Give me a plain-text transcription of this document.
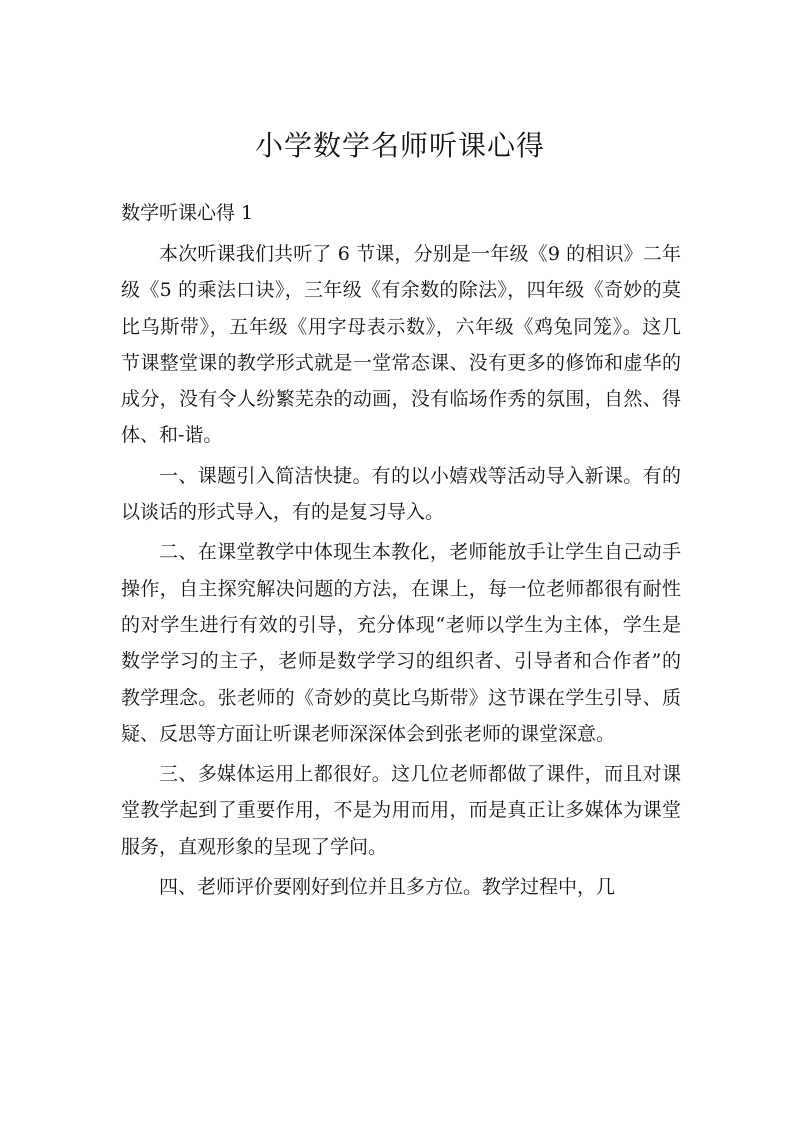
小学数学名师听课心得
数学听课心得 1

本次听课我们共听了 6 节课，分别是一年级《9 的相识》二年级《5 的乘法口诀》，三年级《有余数的除法》，四年级《奇妙的莫比乌斯带》，五年级《用字母表示数》，六年级《鸡兔同笼》。这几节课整堂课的教学形式就是一堂常态课、没有更多的修饰和虚华的成分，没有令人纷繁芜杂的动画，没有临场作秀的氛围，自然、得体、和-谐。

一、课题引入简洁快捷。有的以小嬉戏等活动导入新课。有的以谈话的形式导入，有的是复习导入。

二、在课堂教学中体现生本教化，老师能放手让学生自己动手操作，自主探究解决问题的方法，在课上，每一位老师都很有耐性的对学生进行有效的引导，充分体现“老师以学生为主体，学生是数学学习的主子，老师是数学学习的组织者、引导者和合作者”的教学理念。张老师的《奇妙的莫比乌斯带》这节课在学生引导、质疑、反思等方面让听课老师深深体会到张老师的课堂深意。

三、多媒体运用上都很好。这几位老师都做了课件，而且对课堂教学起到了重要作用，不是为用而用，而是真正让多媒体为课堂服务，直观形象的呈现了学问。

四、老师评价要刚好到位并且多方位。教学过程中，几
